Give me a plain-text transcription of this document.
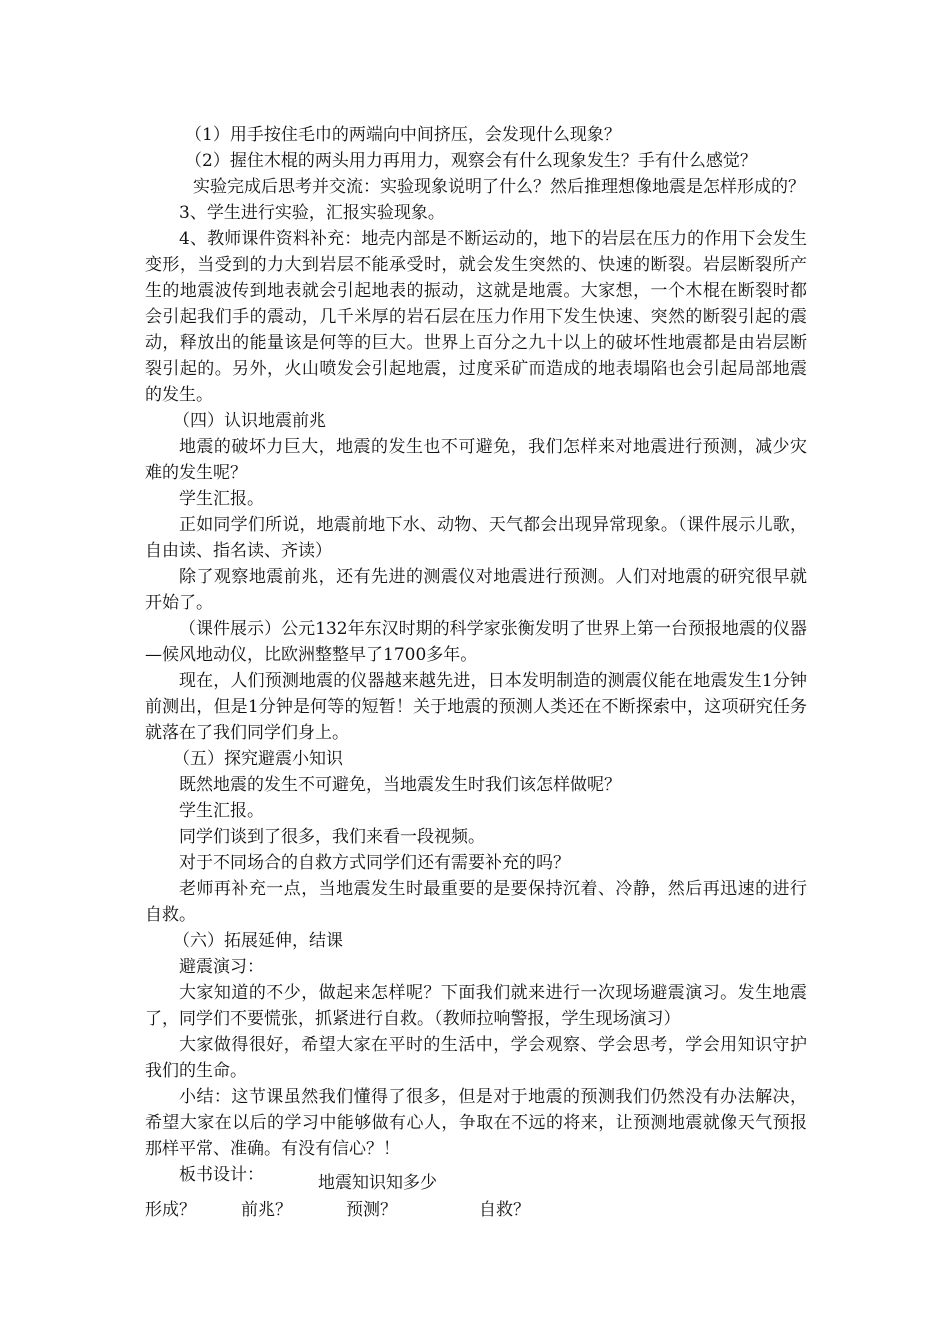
（1）用手按住毛巾的两端向中间挤压，会发现什么现象？

（2）握住木棍的两头用力再用力，观察会有什么现象发生？手有什么感觉？

实验完成后思考并交流：实验现象说明了什么？然后推理想像地震是怎样形成的？

3、学生进行实验，汇报实验现象。

4、教师课件资料补充：地壳内部是不断运动的，地下的岩层在压力的作用下会发生变形，当受到的力大到岩层不能承受时，就会发生突然的、快速的断裂。岩层断裂所产生的地震波传到地表就会引起地表的振动，这就是地震。大家想，一个木棍在断裂时都会引起我们手的震动，几千米厚的岩石层在压力作用下发生快速、突然的断裂引起的震动，释放出的能量该是何等的巨大。世界上百分之九十以上的破坏性地震都是由岩层断裂引起的。另外，火山喷发会引起地震，过度采矿而造成的地表塌陷也会引起局部地震的发生。

（四）认识地震前兆

地震的破坏力巨大，地震的发生也不可避免，我们怎样来对地震进行预测，减少灾难的发生呢？

学生汇报。

正如同学们所说，地震前地下水、动物、天气都会出现异常现象。（课件展示儿歌，自由读、指名读、齐读）

除了观察地震前兆，还有先进的测震仪对地震进行预测。人们对地震的研究很早就开始了。

（课件展示）公元132年东汉时期的科学家张衡发明了世界上第一台预报地震的仪器—候风地动仪，比欧洲整整早了1700多年。

现在，人们预测地震的仪器越来越先进，日本发明制造的测震仪能在地震发生1分钟前测出，但是1分钟是何等的短暂！关于地震的预测人类还在不断探索中，这项研究任务就落在了我们同学们身上。

（五）探究避震小知识

既然地震的发生不可避免，当地震发生时我们该怎样做呢？

学生汇报。

同学们谈到了很多，我们来看一段视频。

对于不同场合的自救方式同学们还有需要补充的吗？

老师再补充一点，当地震发生时最重要的是要保持沉着、冷静，然后再迅速的进行自救。

（六）拓展延伸，结课

避震演习：

大家知道的不少，做起来怎样呢？下面我们就来进行一次现场避震演习。发生地震了，同学们不要慌张，抓紧进行自救。（教师拉响警报，学生现场演习）

大家做得很好，希望大家在平时的生活中，学会观察、学会思考，学会用知识守护我们的生命。

小结：这节课虽然我们懂得了很多，但是对于地震的预测我们仍然没有办法解决，希望大家在以后的学习中能够做有心人，争取在不远的将来，让预测地震就像天气预报那样平常、准确。有没有信心？！

板书设计：	地震知识知多少
形成？	前兆？	预测？	自救？
